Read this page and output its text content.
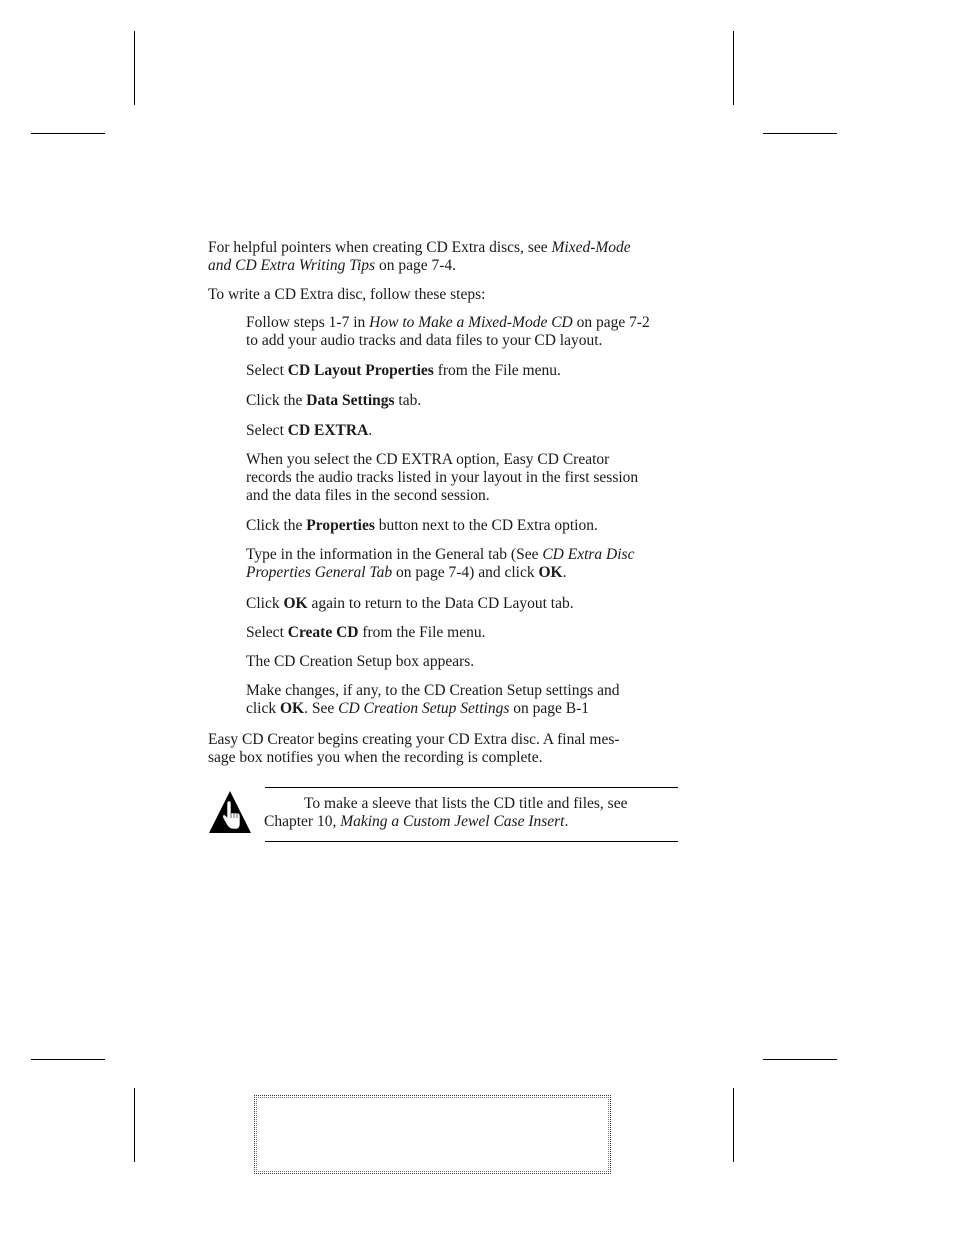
For helpful pointers when creating CD Extra discs, see Mixed-Mode
and CD Extra Writing Tips on page 7-4.

To write a CD Extra disc, follow these steps:

Follow steps 1-7 in How to Make a Mixed-Mode CD on page 7-2
to add your audio tracks and data files to your CD layout.

Select CD Layout Properties from the File menu.

Click the Data Settings tab.

Select CD EXTRA.

When you select the CD EXTRA option, Easy CD Creator
records the audio tracks listed in your layout in the first session
and the data files in the second session.

Click the Properties button next to the CD Extra option.

Type in the information in the General tab (See CD Extra Disc
Properties General Tab on page 7-4) and click OK.

Click OK again to return to the Data CD Layout tab.

Select Create CD from the File menu.

The CD Creation Setup box appears.

Make changes, if any, to the CD Creation Setup settings and
click OK. See CD Creation Setup Settings on page B-1

Easy CD Creator begins creating your CD Extra disc. A final mes-
sage box notifies you when the recording is complete.

To make a sleeve that lists the CD title and files, see
Chapter 10, Making a Custom Jewel Case Insert.
